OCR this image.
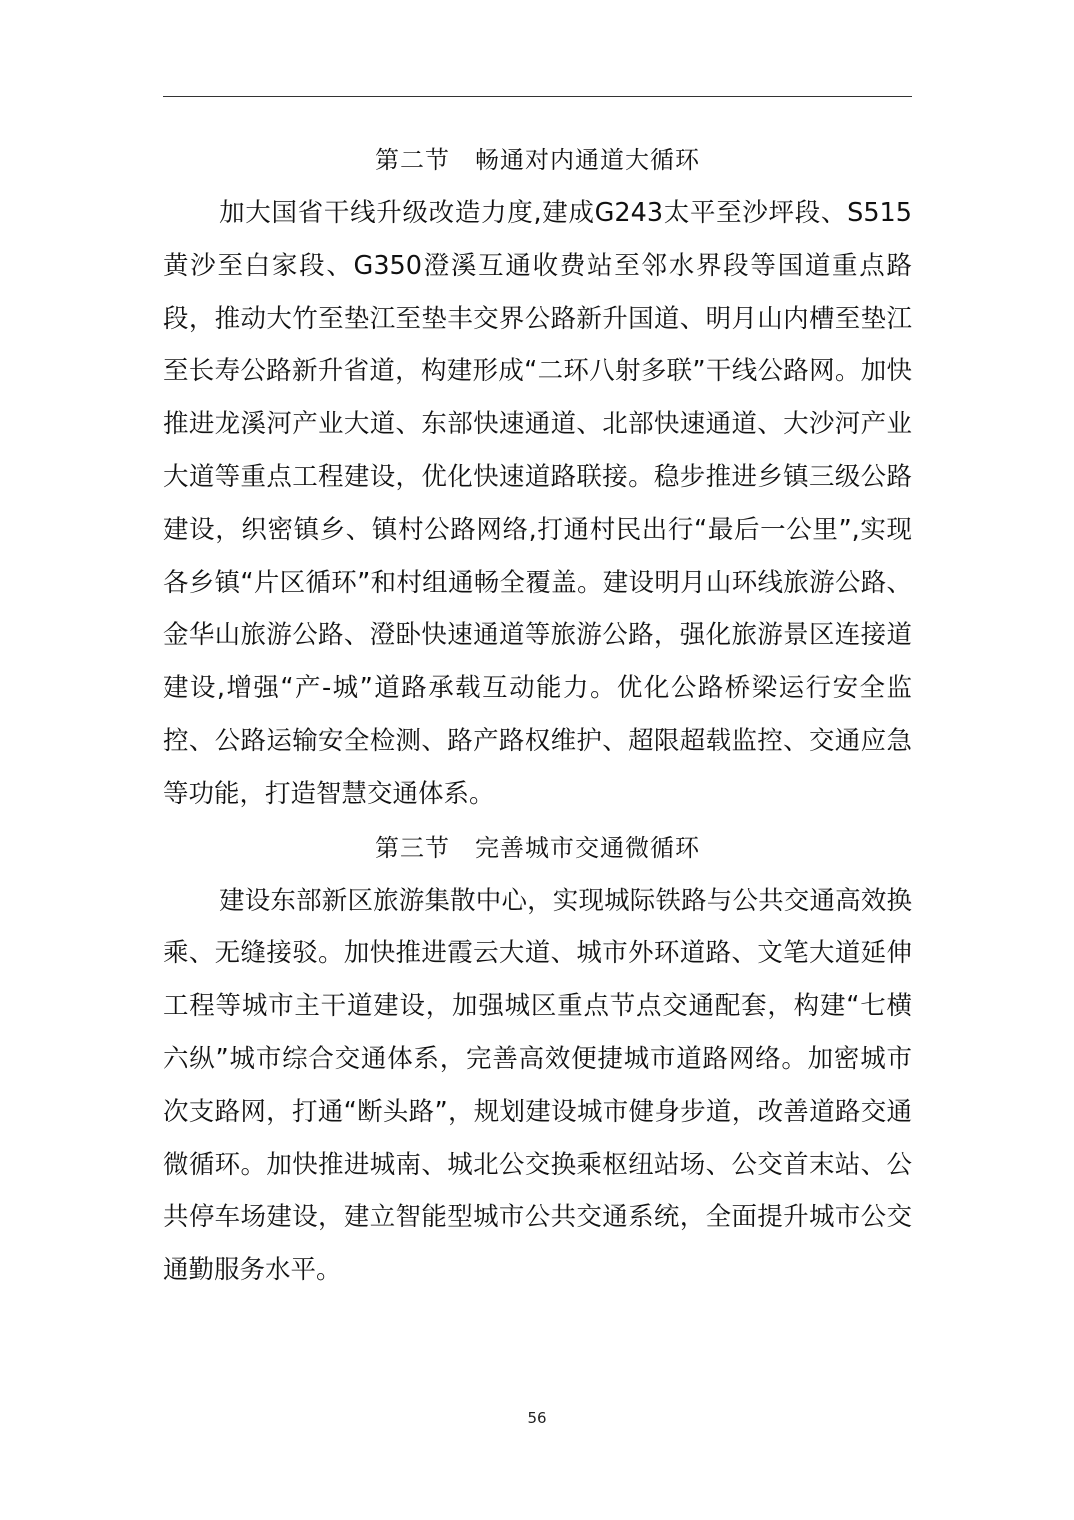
第二节　畅通对内通道大循环

加大国省干线升级改造力度,建成G243太平至沙坪段、S515黄沙至白家段、G350澄溪互通收费站至邻水界段等国道重点路段，推动大竹至垫江至垫丰交界公路新升国道、明月山内槽至垫江至长寿公路新升省道，构建形成“二环八射多联”干线公路网。加快推进龙溪河产业大道、东部快速通道、北部快速通道、大沙河产业大道等重点工程建设，优化快速道路联接。稳步推进乡镇三级公路建设，织密镇乡、镇村公路网络,打通村民出行“最后一公里”,实现各乡镇“片区循环”和村组通畅全覆盖。建设明月山环线旅游公路、金华山旅游公路、澄卧快速通道等旅游公路，强化旅游景区连接道建设,增强“产-城”道路承载互动能力。优化公路桥梁运行安全监控、公路运输安全检测、路产路权维护、超限超载监控、交通应急等功能，打造智慧交通体系。

第三节　完善城市交通微循环

建设东部新区旅游集散中心，实现城际铁路与公共交通高效换乘、无缝接驳。加快推进霞云大道、城市外环道路、文笔大道延伸工程等城市主干道建设，加强城区重点节点交通配套，构建“七横六纵”城市综合交通体系，完善高效便捷城市道路网络。加密城市次支路网，打通“断头路”，规划建设城市健身步道，改善道路交通微循环。加快推进城南、城北公交换乘枢纽站场、公交首末站、公共停车场建设，建立智能型城市公共交通系统，全面提升城市公交通勤服务水平。

56
